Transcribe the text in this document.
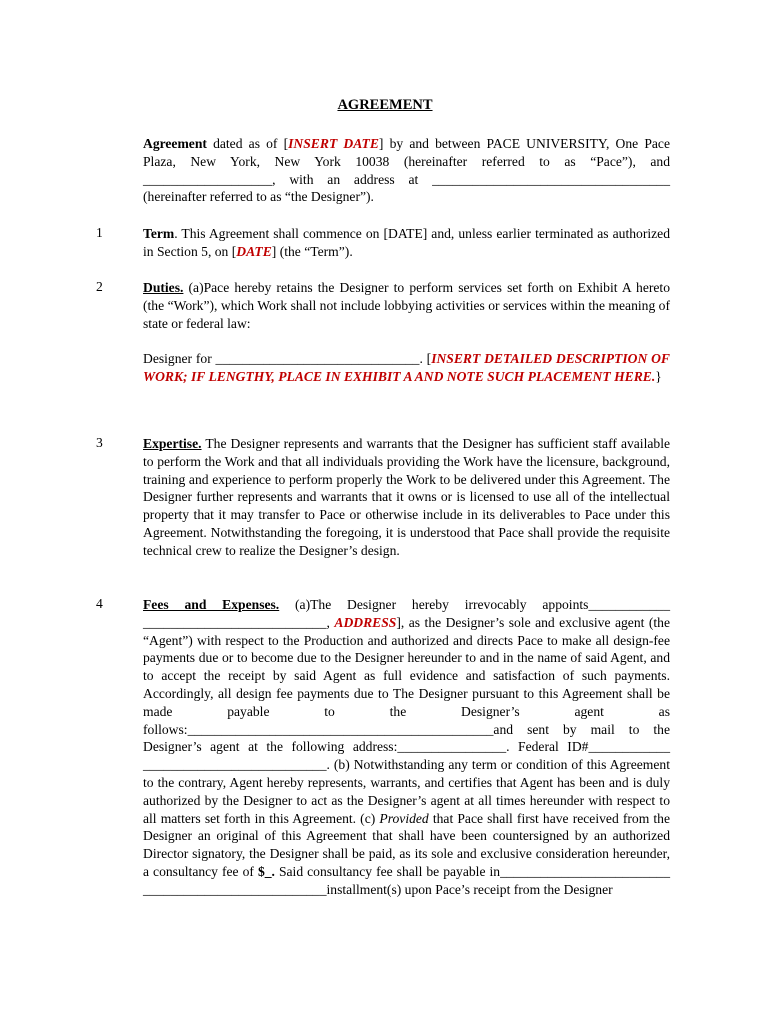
AGREEMENT
Agreement dated as of [INSERT DATE] by and between PACE UNIVERSITY, One Pace Plaza, New York, New York 10038 (hereinafter referred to as “Pace”), and ___________________, with an address at ___________________________________ (hereinafter referred to as “the Designer”).
1	Term. This Agreement shall commence on [DATE] and, unless earlier terminated as authorized in Section 5, on [DATE] (the “Term”).
2	Duties. (a)Pace hereby retains the Designer to perform services set forth on Exhibit A hereto (the “Work”), which Work shall not include lobbying activities or services within the meaning of state or federal law:
Designer for ______________________________. [INSERT DETAILED DESCRIPTION OF WORK; IF LENGTHY, PLACE IN EXHIBIT A AND NOTE SUCH PLACEMENT HERE.}
3	Expertise. The Designer represents and warrants that the Designer has sufficient staff available to perform the Work and that all individuals providing the Work have the licensure, background, training and experience to perform properly the Work to be delivered under this Agreement. The Designer further represents and warrants that it owns or is licensed to use all of the intellectual property that it may transfer to Pace or otherwise include in its deliverables to Pace under this Agreement. Notwithstanding the foregoing, it is understood that Pace shall provide the requisite technical crew to realize the Designer’s design.
4	Fees and Expenses. (a)The Designer hereby irrevocably appoints____________ ___________________________, ADDRESS], as the Designer’s sole and exclusive agent (the “Agent”) with respect to the Production and authorized and directs Pace to make all design-fee payments due or to become due to the Designer hereunder to and in the name of said Agent, and to accept the receipt by said Agent as full evidence and satisfaction of such payments. Accordingly, all design fee payments due to The Designer pursuant to this Agreement shall be made payable to the Designer’s agent as follows:_____________________________________________and sent by mail to the Designer’s agent at the following address:________________. Federal ID#____________ ___________________________. (b) Notwithstanding any term or condition of this Agreement to the contrary, Agent hereby represents, warrants, and certifies that Agent has been and is duly authorized by the Designer to act as the Designer’s agent at all times hereunder with respect to all matters set forth in this Agreement. (c) Provided that Pace shall first have received from the Designer an original of this Agreement that shall have been countersigned by an authorized Director signatory, the Designer shall be paid, as its sole and exclusive consideration hereunder, a consultancy fee of $_. Said consultancy fee shall be payable in_________________________ ___________________________installment(s) upon Pace’s receipt from the Designer
